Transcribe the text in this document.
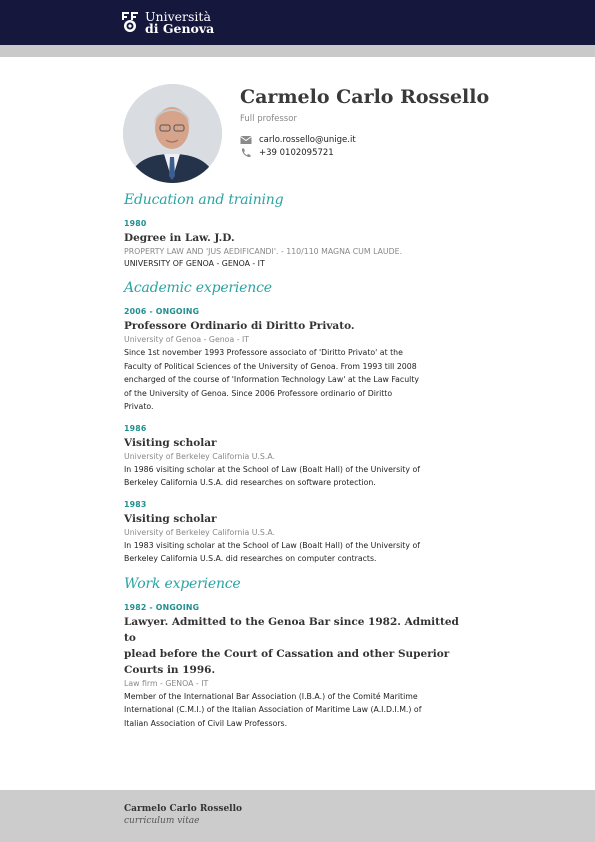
Università
di Genova
Carmelo Carlo Rossello
Full professor
carlo.rossello@unige.it
+39 0102095721
Education and training
1980
Degree in Law. J.D.
PROPERTY LAW AND 'JUS AEDIFICANDI'. - 110/110 MAGNA CUM LAUDE.
UNIVERSITY OF GENOA - GENOA - IT
Academic experience
2006 - ONGOING
Professore Ordinario di Diritto Privato.
University of Genoa - Genoa - IT
Since 1st november 1993 Professore associato of 'Diritto Privato' at the
Faculty of Political Sciences of the University of Genoa. From 1993 till 2008
encharged of the course of 'Information Technology Law' at the Law Faculty
of the University of Genoa. Since 2006 Professore ordinario of Diritto
Privato.
1986
Visiting scholar
University of Berkeley California U.S.A.
In 1986 visiting scholar at the School of Law (Boalt Hall) of the University of
Berkeley California U.S.A. did researches on software protection.
1983
Visiting scholar
University of Berkeley California U.S.A.
In 1983 visiting scholar at the School of Law (Boalt Hall) of the University of
Berkeley California U.S.A. did researches on computer contracts.
Work experience
1982 - ONGOING
Lawyer. Admitted to the Genoa Bar since 1982. Admitted to
plead before the Court of Cassation and other Superior
Courts in 1996.
Law firm - GENOA - IT
Member of the International Bar Association (I.B.A.) of the Comité Maritime
International (C.M.I.) of the Italian Association of Maritime Law (A.I.D.I.M.) of
Italian Association of Civil Law Professors.
Carmelo Carlo Rossello
curriculum vitae
